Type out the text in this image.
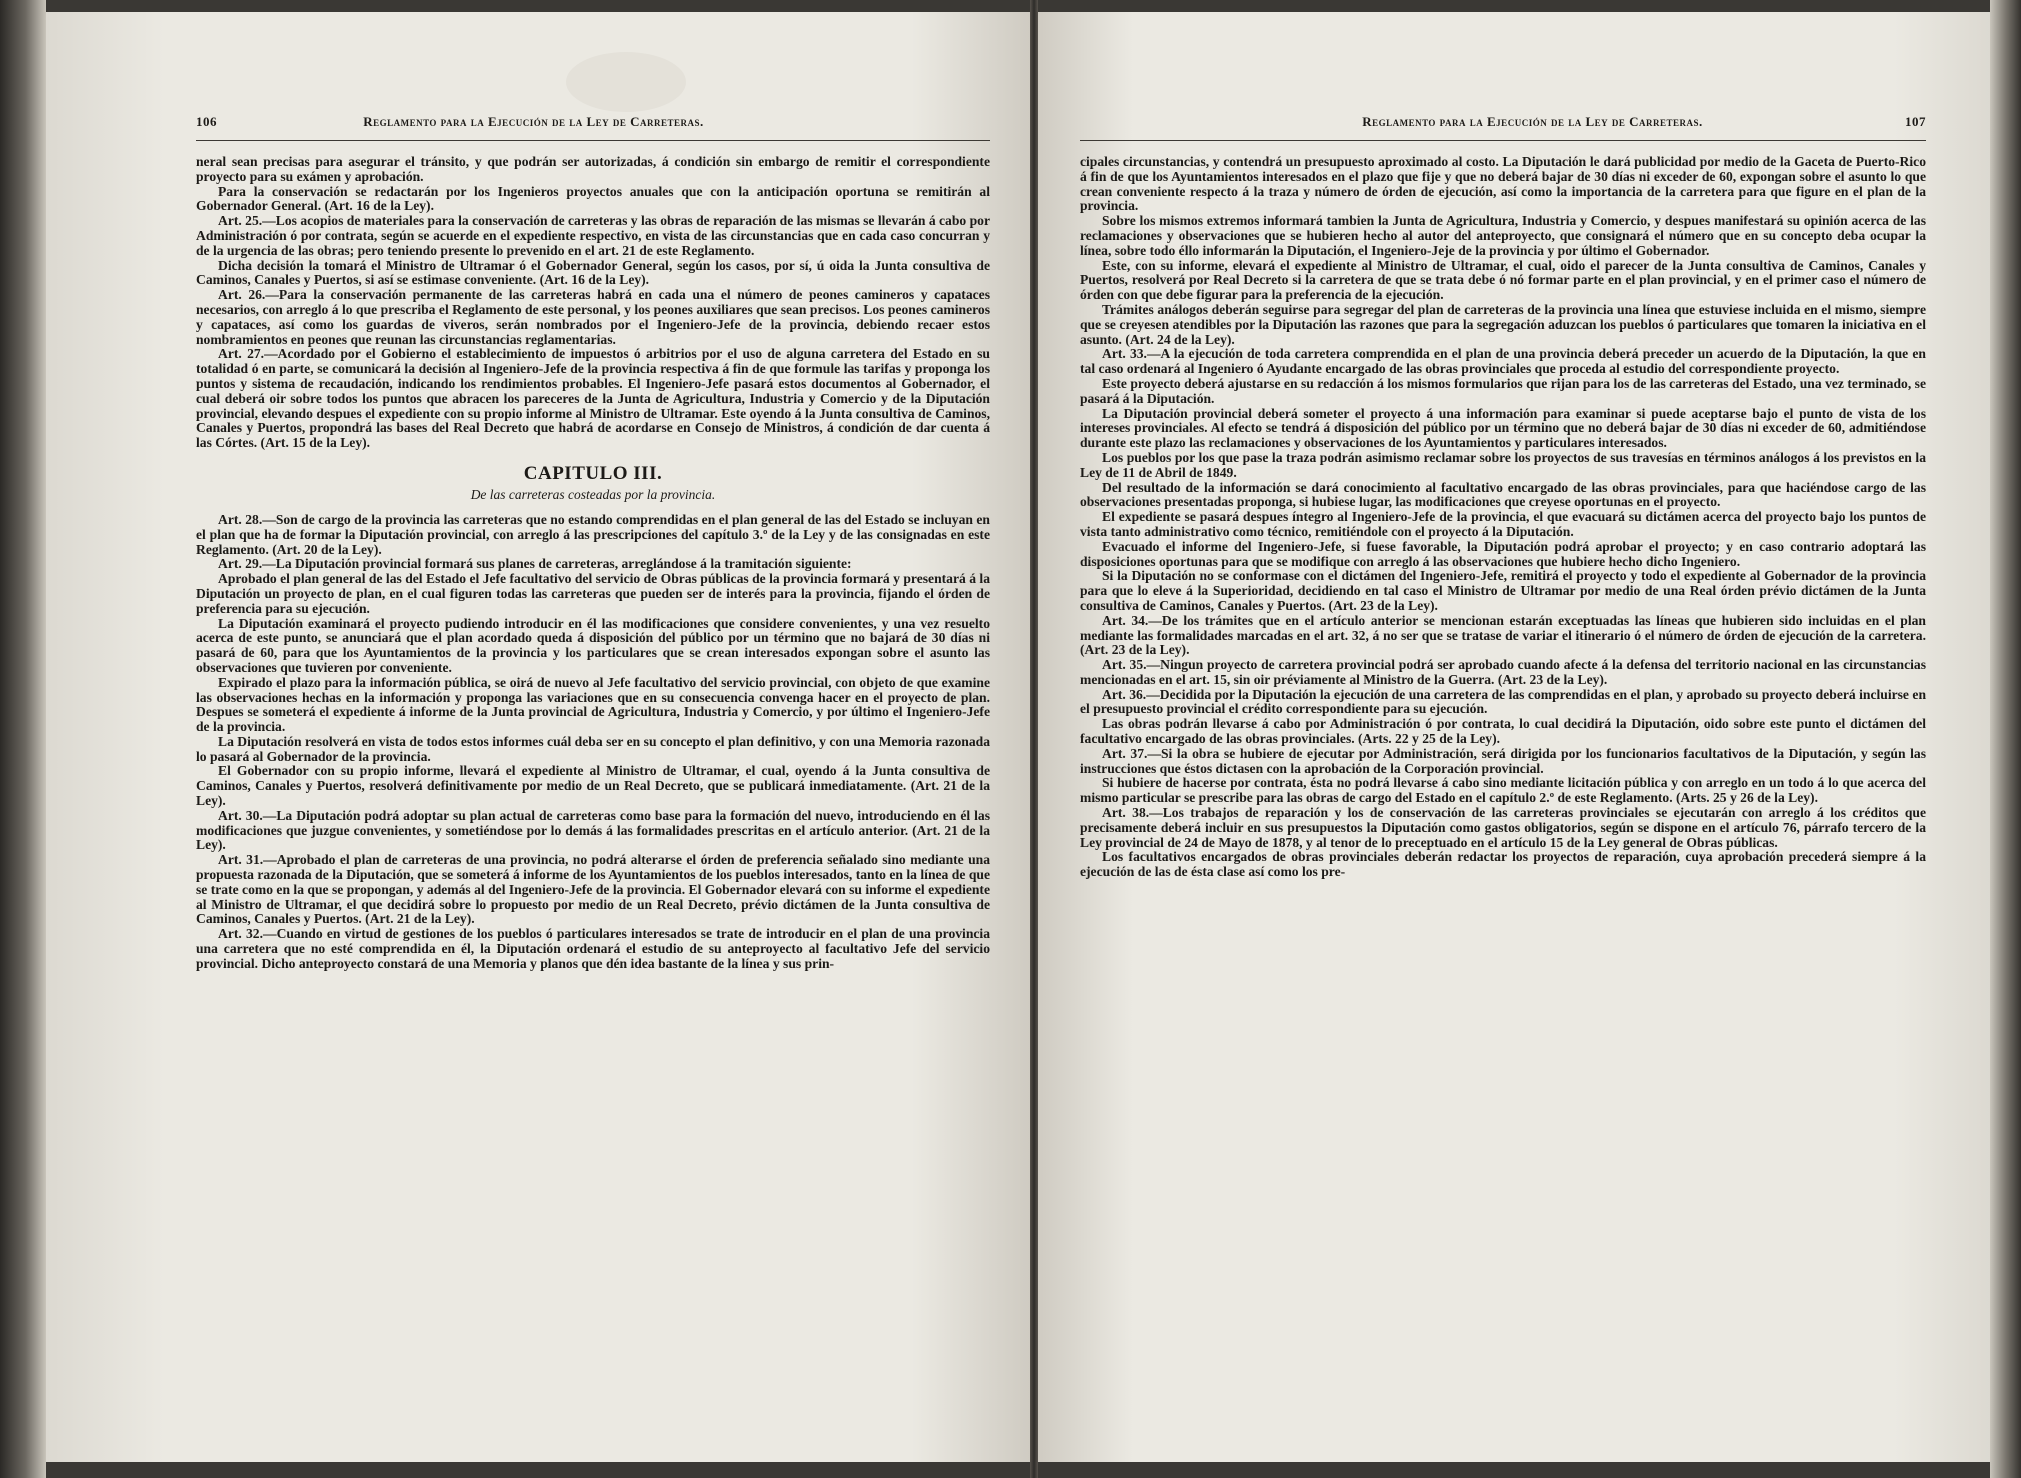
106	Reglamento para la Ejecución de la Ley de Carreteras.

neral sean precisas para asegurar el tránsito, y que podrán ser autorizadas, á condición sin embargo de remitir el correspondiente proyecto para su exámen y aprobación.

Para la conservación se redactarán por los Ingenieros proyectos anuales que con la anticipación oportuna se remitirán al Gobernador General. (Art. 16 de la Ley).

Art. 25.—Los acopios de materiales para la conservación de carreteras y las obras de reparación de las mismas se llevarán á cabo por Administración ó por contrata, según se acuerde en el expediente respectivo, en vista de las circunstancias que en cada caso concurran y de la urgencia de las obras; pero teniendo presente lo prevenido en el art. 21 de este Reglamento.

Dicha decisión la tomará el Ministro de Ultramar ó el Gobernador General, según los casos, por sí, ú oida la Junta consultiva de Caminos, Canales y Puertos, si así se estimase conveniente. (Art. 16 de la Ley).

Art. 26.—Para la conservación permanente de las carreteras habrá en cada una el número de peones camineros y capataces necesarios, con arreglo á lo que prescriba el Reglamento de este personal, y los peones auxiliares que sean precisos. Los peones camineros y capataces, así como los guardas de viveros, serán nombrados por el Ingeniero-Jefe de la provincia, debiendo recaer estos nombramientos en peones que reunan las circunstancias reglamentarias.

Art. 27.—Acordado por el Gobierno el establecimiento de impuestos ó arbitrios por el uso de alguna carretera del Estado en su totalidad ó en parte, se comunicará la decisión al Ingeniero-Jefe de la provincia respectiva á fin de que formule las tarifas y proponga los puntos y sistema de recaudación, indicando los rendimientos probables. El Ingeniero-Jefe pasará estos documentos al Gobernador, el cual deberá oir sobre todos los puntos que abracen los pareceres de la Junta de Agricultura, Industria y Comercio y de la Diputación provincial, elevando despues el expediente con su propio informe al Ministro de Ultramar. Este oyendo á la Junta consultiva de Caminos, Canales y Puertos, propondrá las bases del Real Decreto que habrá de acordarse en Consejo de Ministros, á condición de dar cuenta á las Córtes. (Art. 15 de la Ley).

CAPITULO III.
De las carreteras costeadas por la provincia.

Art. 28.—Son de cargo de la provincia las carreteras que no estando comprendidas en el plan general de las del Estado se incluyan en el plan que ha de formar la Diputación provincial, con arreglo á las prescripciones del capítulo 3.º de la Ley y de las consignadas en este Reglamento. (Art. 20 de la Ley).

Art. 29.—La Diputación provincial formará sus planes de carreteras, arreglándose á la tramitación siguiente:

Aprobado el plan general de las del Estado el Jefe facultativo del servicio de Obras públicas de la provincia formará y presentará á la Diputación un proyecto de plan, en el cual figuren todas las carreteras que pueden ser de interés para la provincia, fijando el órden de preferencia para su ejecución.

La Diputación examinará el proyecto pudiendo introducir en él las modificaciones que considere convenientes, y una vez resuelto acerca de este punto, se anunciará que el plan acordado queda á disposición del público por un término que no bajará de 30 días ni pasará de 60, para que los Ayuntamientos de la provincia y los particulares que se crean interesados expongan sobre el asunto las observaciones que tuvieren por conveniente.

Expirado el plazo para la información pública, se oirá de nuevo al Jefe facultativo del servicio provincial, con objeto de que examine las observaciones hechas en la información y proponga las variaciones que en su consecuencia convenga hacer en el proyecto de plan. Despues se someterá el expediente á informe de la Junta provincial de Agricultura, Industria y Comercio, y por último el Ingeniero-Jefe de la provincia.

La Diputación resolverá en vista de todos estos informes cuál deba ser en su concepto el plan definitivo, y con una Memoria razonada lo pasará al Gobernador de la provincia.

El Gobernador con su propio informe, llevará el expediente al Ministro de Ultramar, el cual, oyendo á la Junta consultiva de Caminos, Canales y Puertos, resolverá definitivamente por medio de un Real Decreto, que se publicará inmediatamente. (Art. 21 de la Ley).

Art. 30.—La Diputación podrá adoptar su plan actual de carreteras como base para la formación del nuevo, introduciendo en él las modificaciones que juzgue convenientes, y sometiéndose por lo demás á las formalidades prescritas en el artículo anterior. (Art. 21 de la Ley).

Art. 31.—Aprobado el plan de carreteras de una provincia, no podrá alterarse el órden de preferencia señalado sino mediante una propuesta razonada de la Diputación, que se someterá á informe de los Ayuntamientos de los pueblos interesados, tanto en la línea de que se trate como en la que se propongan, y además al del Ingeniero-Jefe de la provincia. El Gobernador elevará con su informe el expediente al Ministro de Ultramar, el que decidirá sobre lo propuesto por medio de un Real Decreto, prévio dictámen de la Junta consultiva de Caminos, Canales y Puertos. (Art. 21 de la Ley).

Art. 32.—Cuando en virtud de gestiones de los pueblos ó particulares interesados se trate de introducir en el plan de una provincia una carretera que no esté comprendida en él, la Diputación ordenará el estudio de su anteproyecto al facultativo Jefe del servicio provincial. Dicho anteproyecto constará de una Memoria y planos que dén idea bastante de la línea y sus prin-

Reglamento para la Ejecución de la Ley de Carreteras.	107

cipales circunstancias, y contendrá un presupuesto aproximado al costo. La Diputación le dará publicidad por medio de la Gaceta de Puerto-Rico á fin de que los Ayuntamientos interesados en el plazo que fije y que no deberá bajar de 30 días ni exceder de 60, expongan sobre el asunto lo que crean conveniente respecto á la traza y número de órden de ejecución, así como la importancia de la carretera para que figure en el plan de la provincia.

Sobre los mismos extremos informará tambien la Junta de Agricultura, Industria y Comercio, y despues manifestará su opinión acerca de las reclamaciones y observaciones que se hubieren hecho al autor del anteproyecto, que consignará el número que en su concepto deba ocupar la línea, sobre todo éllo informarán la Diputación, el Ingeniero-Jeje de la provincia y por último el Gobernador.

Este, con su informe, elevará el expediente al Ministro de Ultramar, el cual, oido el parecer de la Junta consultiva de Caminos, Canales y Puertos, resolverá por Real Decreto si la carretera de que se trata debe ó nó formar parte en el plan provincial, y en el primer caso el número de órden con que debe figurar para la preferencia de la ejecución.

Trámites análogos deberán seguirse para segregar del plan de carreteras de la provincia una línea que estuviese incluida en el mismo, siempre que se creyesen atendibles por la Diputación las razones que para la segregación aduzcan los pueblos ó particulares que tomaren la iniciativa en el asunto. (Art. 24 de la Ley).

Art. 33.—A la ejecución de toda carretera comprendida en el plan de una provincia deberá preceder un acuerdo de la Diputación, la que en tal caso ordenará al Ingeniero ó Ayudante encargado de las obras provinciales que proceda al estudio del correspondiente proyecto.

Este proyecto deberá ajustarse en su redacción á los mismos formularios que rijan para los de las carreteras del Estado, una vez terminado, se pasará á la Diputación.

La Diputación provincial deberá someter el proyecto á una información para examinar si puede aceptarse bajo el punto de vista de los intereses provinciales. Al efecto se tendrá á disposición del público por un término que no deberá bajar de 30 días ni exceder de 60, admitiéndose durante este plazo las reclamaciones y observaciones de los Ayuntamientos y particulares interesados.

Los pueblos por los que pase la traza podrán asimismo reclamar sobre los proyectos de sus travesías en términos análogos á los previstos en la Ley de 11 de Abril de 1849.

Del resultado de la información se dará conocimiento al facultativo encargado de las obras provinciales, para que haciéndose cargo de las observaciones presentadas proponga, si hubiese lugar, las modificaciones que creyese oportunas en el proyecto.

El expediente se pasará despues íntegro al Ingeniero-Jefe de la provincia, el que evacuará su dictámen acerca del proyecto bajo los puntos de vista tanto administrativo como técnico, remitiéndole con el proyecto á la Diputación.

Evacuado el informe del Ingeniero-Jefe, si fuese favorable, la Diputación podrá aprobar el proyecto; y en caso contrario adoptará las disposiciones oportunas para que se modifique con arreglo á las observaciones que hubiere hecho dicho Ingeniero.

Si la Diputación no se conformase con el dictámen del Ingeniero-Jefe, remitirá el proyecto y todo el expediente al Gobernador de la provincia para que lo eleve á la Superioridad, decidiendo en tal caso el Ministro de Ultramar por medio de una Real órden prévio dictámen de la Junta consultiva de Caminos, Canales y Puertos. (Art. 23 de la Ley).

Art. 34.—De los trámites que en el artículo anterior se mencionan estarán exceptuadas las líneas que hubieren sido incluidas en el plan mediante las formalidades marcadas en el art. 32, á no ser que se tratase de variar el itinerario ó el número de órden de ejecución de la carretera. (Art. 23 de la Ley).

Art. 35.—Ningun proyecto de carretera provincial podrá ser aprobado cuando afecte á la defensa del territorio nacional en las circunstancias mencionadas en el art. 15, sin oir préviamente al Ministro de la Guerra. (Art. 23 de la Ley).

Art. 36.—Decidida por la Diputación la ejecución de una carretera de las comprendidas en el plan, y aprobado su proyecto deberá incluirse en el presupuesto provincial el crédito correspondiente para su ejecución.

Las obras podrán llevarse á cabo por Administración ó por contrata, lo cual decidirá la Diputación, oido sobre este punto el dictámen del facultativo encargado de las obras provinciales. (Arts. 22 y 25 de la Ley).

Art. 37.—Si la obra se hubiere de ejecutar por Administración, será dirigida por los funcionarios facultativos de la Diputación, y según las instrucciones que éstos dictasen con la aprobación de la Corporación provincial.

Si hubiere de hacerse por contrata, ésta no podrá llevarse á cabo sino mediante licitación pública y con arreglo en un todo á lo que acerca del mismo particular se prescribe para las obras de cargo del Estado en el capítulo 2.º de este Reglamento. (Arts. 25 y 26 de la Ley).

Art. 38.—Los trabajos de reparación y los de conservación de las carreteras provinciales se ejecutarán con arreglo á los créditos que precisamente deberá incluir en sus presupuestos la Diputación como gastos obligatorios, según se dispone en el artículo 76, párrafo tercero de la Ley provincial de 24 de Mayo de 1878, y al tenor de lo preceptuado en el artículo 15 de la Ley general de Obras públicas.

Los facultativos encargados de obras provinciales deberán redactar los proyectos de reparación, cuya aprobación precederá siempre á la ejecución de las de ésta clase así como los pre-
